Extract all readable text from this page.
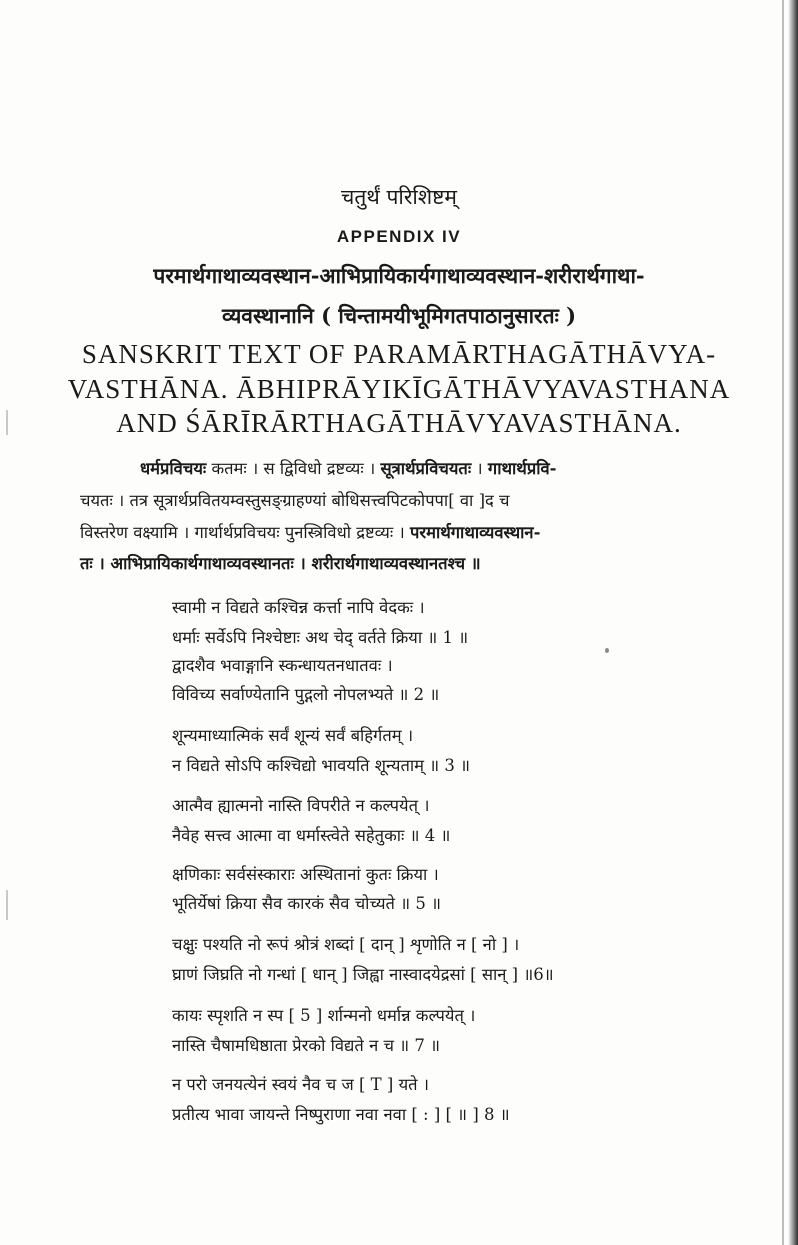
चतुर्थं परिशिष्टम्
APPENDIX IV
परमार्थगाथाव्यवस्थान-आभिप्रायिकार्यगाथाव्यवस्थान-शरीरार्थगाथा-
व्यवस्थानानि ( चिन्तामयीभूमिगतपाठानुसारतः )
SANSKRIT TEXT OF PARAMĀRTHAGĀTHĀVYA-
VASTHĀNA. ĀBHIPRĀYIKĪGĀTHĀVYAVASTHANA
AND ŚĀRĪRĀRTHAGĀTHĀVYAVASTHĀNA.
धर्मप्रविचयः कतमः । स द्विविधो द्रष्टव्यः । सूत्रार्थप्रविचयतः । गाथार्थप्रवि-
चयतः । तत्र सूत्रार्थप्रवितयम्वस्तुसङ्ग्राहण्यां बोधिसत्त्वपिटकोपपा[ वा ]द च
विस्तरेण वक्ष्यामि । गार्थार्थप्रविचयः पुनस्त्रिविधो द्रष्टव्यः । परमार्थगाथाव्यवस्थान-
तः । आभिप्रायिकार्थगाथाव्यवस्थानतः । शरीरार्थगाथाव्यवस्थानतश्च ॥
स्वामी न विद्यते कश्चिन्न कर्त्ता नापि वेदकः ।
धर्माः सर्वेऽपि निश्चेष्टाः अथ चेद् वर्तते क्रिया ॥ 1 ॥
द्वादशैव भवाङ्गानि स्कन्धायतनधातवः ।
विविच्य सर्वाण्येतानि पुद्गलो नोपलभ्यते ॥ 2 ॥
शून्यमाध्यात्मिकं सर्वं शून्यं सर्वं बहिर्गतम् ।
न विद्यते सोऽपि कश्चिद्यो भावयति शून्यताम् ॥ 3 ॥
आत्मैव ह्यात्मनो नास्ति विपरीते न कल्पयेत् ।
नैवेह सत्त्व आत्मा वा धर्मास्त्वेते सहेतुकाः ॥ 4 ॥
क्षणिकाः सर्वसंस्काराः अस्थितानां कुतः क्रिया ।
भूतिर्येषां क्रिया सैव कारकं सैव चोच्यते ॥ 5 ॥
चक्षुः पश्यति नो रूपं श्रोत्रं शब्दां [ दान् ] शृणोति न [ नो ] ।
घ्राणं जिघ्रति नो गन्धां [ धान् ] जिह्वा नास्वादयेद्रसां [ सान् ] ॥6॥
कायः स्पृशति न स्प [ 5 ] र्शान्मनो धर्मान्न कल्पयेत् ।
नास्ति चैषामधिष्ठाता प्रेरको विद्यते न च ॥ 7 ॥
न परो जनयत्येनं स्वयं नैव च ज [ T ] यते ।
प्रतीत्य भावा जायन्ते निष्पुराणा नवा नवा [ : ] [ ॥ ] 8 ॥
